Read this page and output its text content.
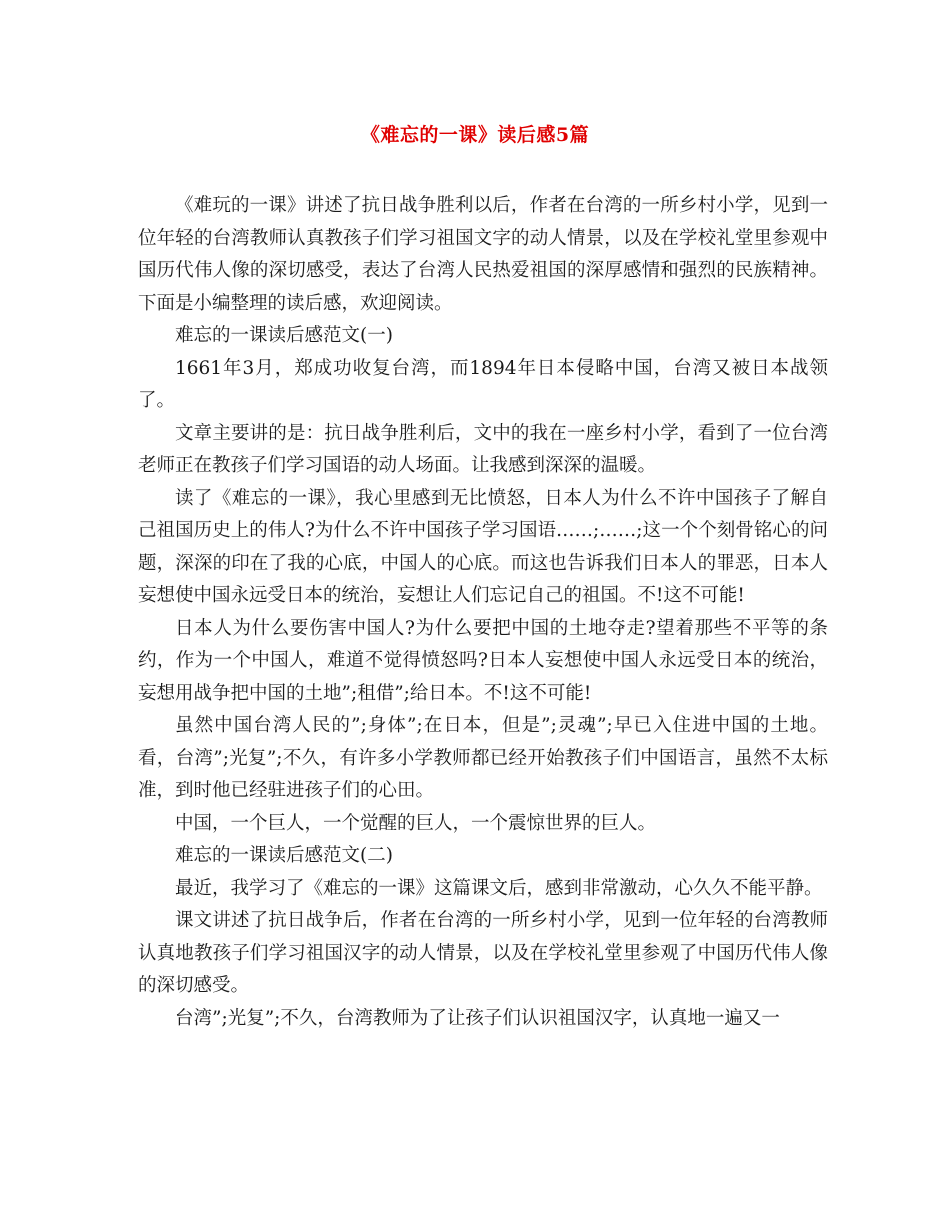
《难忘的一课》读后感5篇

《难玩的一课》讲述了抗日战争胜利以后，作者在台湾的一所乡村小学，见到一位年轻的台湾教师认真教孩子们学习祖国文字的动人情景，以及在学校礼堂里参观中国历代伟人像的深切感受，表达了台湾人民热爱祖国的深厚感情和强烈的民族精神。下面是小编整理的读后感，欢迎阅读。

难忘的一课读后感范文(一)

1661年3月，郑成功收复台湾，而1894年日本侵略中国，台湾又被日本战领了。

文章主要讲的是：抗日战争胜利后，文中的我在一座乡村小学，看到了一位台湾老师正在教孩子们学习国语的动人场面。让我感到深深的温暖。

读了《难忘的一课》，我心里感到无比愤怒，日本人为什么不许中国孩子了解自己祖国历史上的伟人?为什么不许中国孩子学习国语……;……;这一个个刻骨铭心的问题，深深的印在了我的心底，中国人的心底。而这也告诉我们日本人的罪恶，日本人妄想使中国永远受日本的统治，妄想让人们忘记自己的祖国。不!这不可能!

日本人为什么要伤害中国人?为什么要把中国的土地夺走?望着那些不平等的条约，作为一个中国人，难道不觉得愤怒吗?日本人妄想使中国人永远受日本的统治，妄想用战争把中国的土地”;租借”;给日本。不!这不可能!

虽然中国台湾人民的”;身体”;在日本，但是”;灵魂”;早已入住进中国的土地。看，台湾”;光复”;不久，有许多小学教师都已经开始教孩子们中国语言，虽然不太标准，到时他已经驻进孩子们的心田。

中国，一个巨人，一个觉醒的巨人，一个震惊世界的巨人。

难忘的一课读后感范文(二)

最近，我学习了《难忘的一课》这篇课文后，感到非常激动，心久久不能平静。

课文讲述了抗日战争后，作者在台湾的一所乡村小学，见到一位年轻的台湾教师认真地教孩子们学习祖国汉字的动人情景，以及在学校礼堂里参观了中国历代伟人像的深切感受。

台湾”;光复”;不久，台湾教师为了让孩子们认识祖国汉字，认真地一遍又一
